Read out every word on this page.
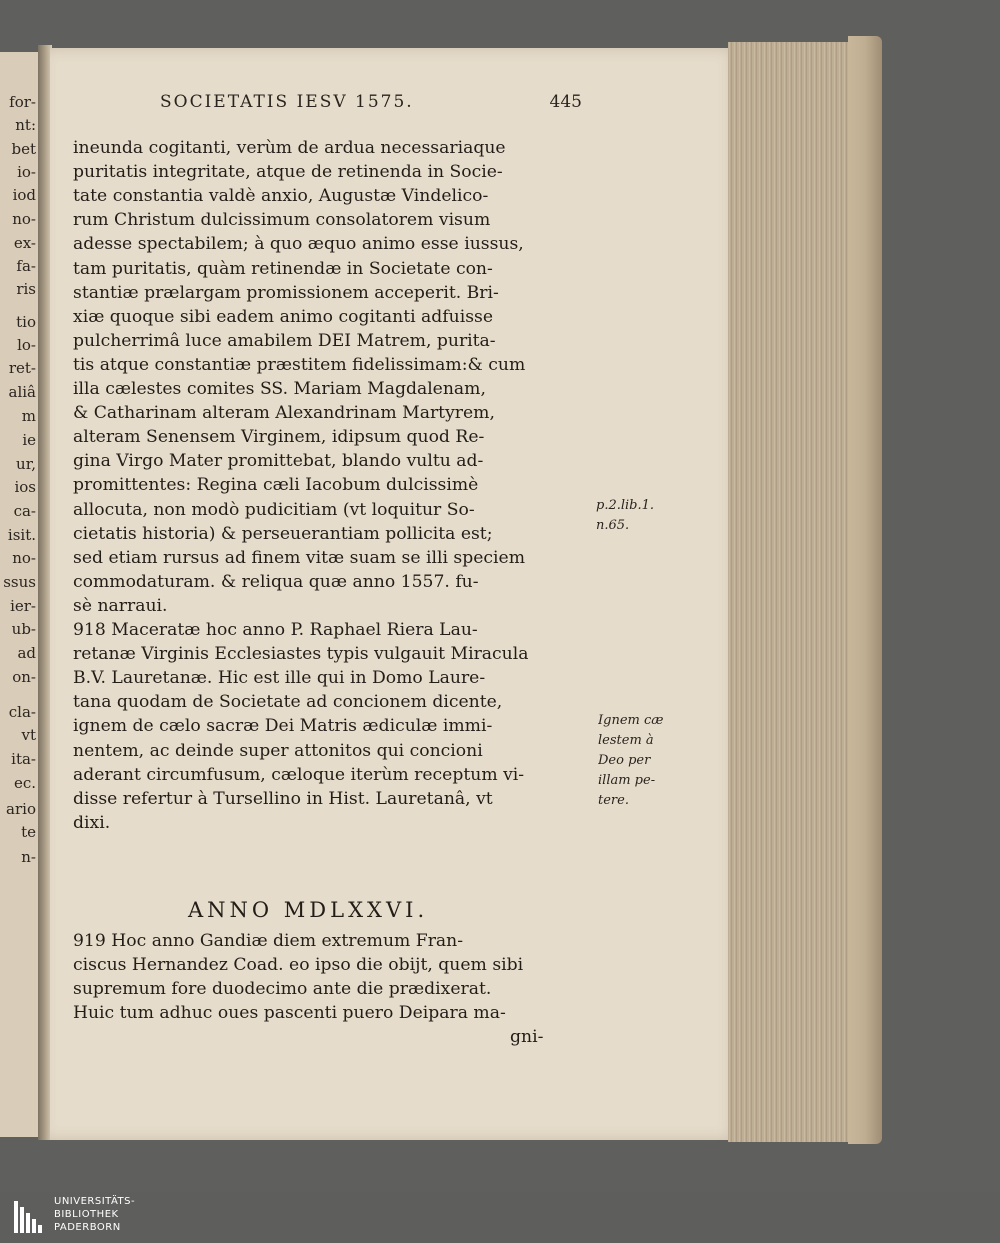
for-
nt:
bet
io-
iod
no-
ex-
fa-
ris
tio
lo-
ret-
aliâ
m
ie
ur,
ios
ca-
isit.
no-
ssus
ier-
ub-
ad
on-
cla-
vt
ita-
ec.
ario
te
n-
SOCIETATIS IESV 1575.	445
ineunda cogitanti, verùm de ardua necessariaque
puritatis integritate, atque de retinenda in Socie-
tate constantia valdè anxio, Augustæ Vindelico-
rum Christum dulcissimum consolatorem visum
adesse spectabilem; à quo æquo animo esse iussus,
tam puritatis, quàm retinendæ in Societate con-
stantiæ prælargam promissionem acceperit. Bri-
xiæ quoque sibi eadem animo cogitanti adfuisse
pulcherrimâ luce amabilem DEI Matrem, purita-
tis atque constantiæ præstitem fidelissimam:& cum
illa cælestes comites SS. Mariam Magdalenam,
& Catharinam alteram Alexandrinam Martyrem,
alteram Senensem Virginem, idipsum quod Re-
gina Virgo Mater promittebat, blando vultu ad-
promittentes: Regina cæli Iacobum dulcissimè
allocuta, non modò pudicitiam (vt loquitur So-
cietatis historia) & perseuerantiam pollicita est;
sed etiam rursus ad finem vitæ suam se illi speciem
commodaturam. & reliqua quæ anno 1557. fu-
sè narraui.
918 Maceratæ hoc anno P. Raphael Riera Lau-
retanæ Virginis Ecclesiastes typis vulgauit Miracula
B.V. Lauretanæ. Hic est ille qui in Domo Laure-
tana quodam de Societate ad concionem dicente,
ignem de cælo sacræ Dei Matris ædiculæ immi-
nentem, ac deinde super attonitos qui concioni
aderant circumfusum, cæloque iterùm receptum vi-
disse refertur à Tursellino in Hist. Lauretanâ, vt
dixi.
ANNO MDLXXVI.
919 Hoc anno Gandiæ diem extremum Fran-
ciscus Hernandez Coad. eo ipso die obijt, quem sibi
supremum fore duodecimo ante die prædixerat.
Huic tum adhuc oues pascenti puero Deipara ma-
gni-
p.2.lib.1.
n.65.
Ignem cæ
lestem à
Deo per
illam pe-
tere.
UNIVERSITÄTS-
BIBLIOTHEK
PADERBORN
